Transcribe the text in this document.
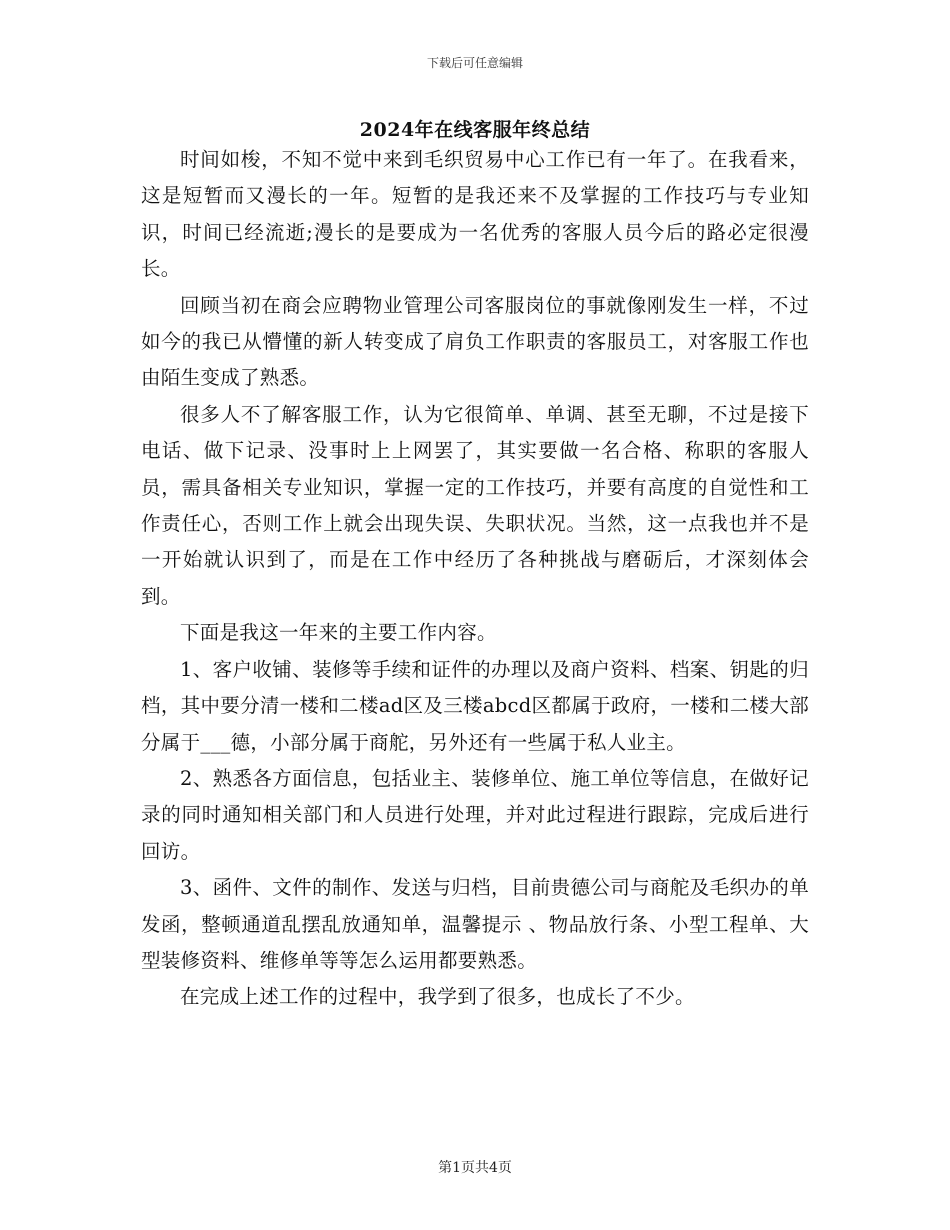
下载后可任意编辑
2024年在线客服年终总结

时间如梭，不知不觉中来到毛织贸易中心工作已有一年了。在我看来，这是短暂而又漫长的一年。短暂的是我还来不及掌握的工作技巧与专业知识，时间已经流逝;漫长的是要成为一名优秀的客服人员今后的路必定很漫长。

回顾当初在商会应聘物业管理公司客服岗位的事就像刚发生一样，不过如今的我已从懵懂的新人转变成了肩负工作职责的客服员工，对客服工作也由陌生变成了熟悉。

很多人不了解客服工作，认为它很简单、单调、甚至无聊，不过是接下电话、做下记录、没事时上上网罢了，其实要做一名合格、称职的客服人员，需具备相关专业知识，掌握一定的工作技巧，并要有高度的自觉性和工作责任心，否则工作上就会出现失误、失职状况。当然，这一点我也并不是一开始就认识到了，而是在工作中经历了各种挑战与磨砺后，才深刻体会到。

下面是我这一年来的主要工作内容。

1、客户收铺、装修等手续和证件的办理以及商户资料、档案、钥匙的归档，其中要分清一楼和二楼ad区及三楼abcd区都属于政府，一楼和二楼大部分属于___德，小部分属于商舵，另外还有一些属于私人业主。

2、熟悉各方面信息，包括业主、装修单位、施工单位等信息，在做好记录的同时通知相关部门和人员进行处理，并对此过程进行跟踪，完成后进行回访。

3、函件、文件的制作、发送与归档，目前贵德公司与商舵及毛织办的单发函，整顿通道乱摆乱放通知单，温馨提示 、物品放行条、小型工程单、大型装修资料、维修单等等怎么运用都要熟悉。

在完成上述工作的过程中，我学到了很多，也成长了不少。

第1页共4页
